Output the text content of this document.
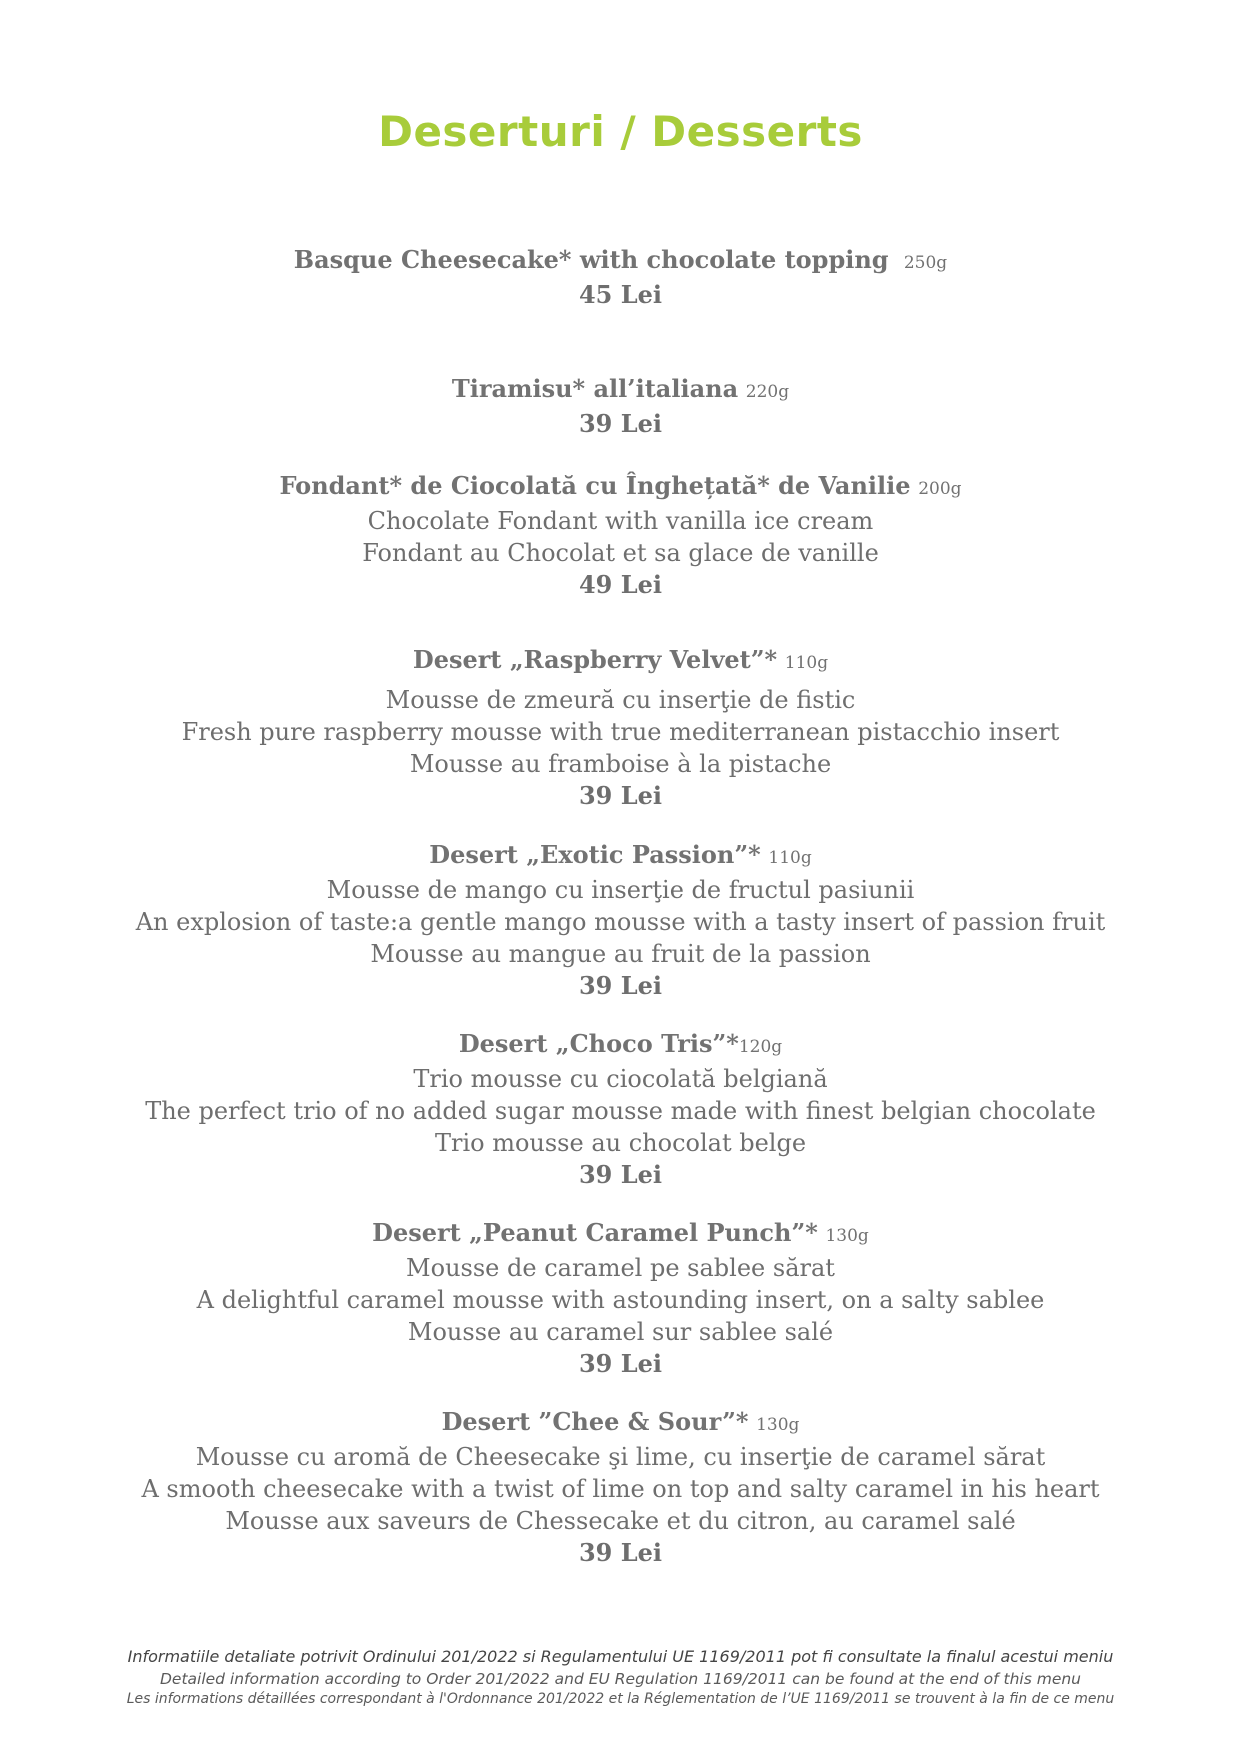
Deserturi / Desserts
Basque Cheesecake* with chocolate topping 250g
45 Lei
Tiramisu* all’italiana 220g
39 Lei
Fondant* de Ciocolată cu Înghețată* de Vanilie 200g
Chocolate Fondant with vanilla ice cream
Fondant au Chocolat et sa glace de vanille
49 Lei
Desert „Raspberry Velvet”* 110g
Mousse de zmeură cu inserţie de fistic
Fresh pure raspberry mousse with true mediterranean pistacchio insert
Mousse au framboise à la pistache
39 Lei
Desert „Exotic Passion”* 110g
Mousse de mango cu inserţie de fructul pasiunii
An explosion of taste:a gentle mango mousse with a tasty insert of passion fruit
Mousse au mangue au fruit de la passion
39 Lei
Desert „Choco Tris”*120g
Trio mousse cu ciocolată belgiană
The perfect trio of no added sugar mousse made with finest belgian chocolate
Trio mousse au chocolat belge
39 Lei
Desert „Peanut Caramel Punch”* 130g
Mousse de caramel pe sablee sărat
A delightful caramel mousse with astounding insert, on a salty sablee
Mousse au caramel sur sablee salé
39 Lei
Desert ”Chee & Sour”* 130g
Mousse cu aromă de Cheesecake şi lime, cu inserţie de caramel sărat
A smooth cheesecake with a twist of lime on top and salty caramel in his heart
Mousse aux saveurs de Chessecake et du citron, au caramel salé
39 Lei
Informatiile detaliate potrivit Ordinului 201/2022 si Regulamentului UE 1169/2011 pot fi consultate la finalul acestui meniu
Detailed information according to Order 201/2022 and EU Regulation 1169/2011 can be found at the end of this menu
Les informations détaillées correspondant à l'Ordonnance 201/2022 et la Réglementation de l’UE 1169/2011 se trouvent à la fin de ce menu
